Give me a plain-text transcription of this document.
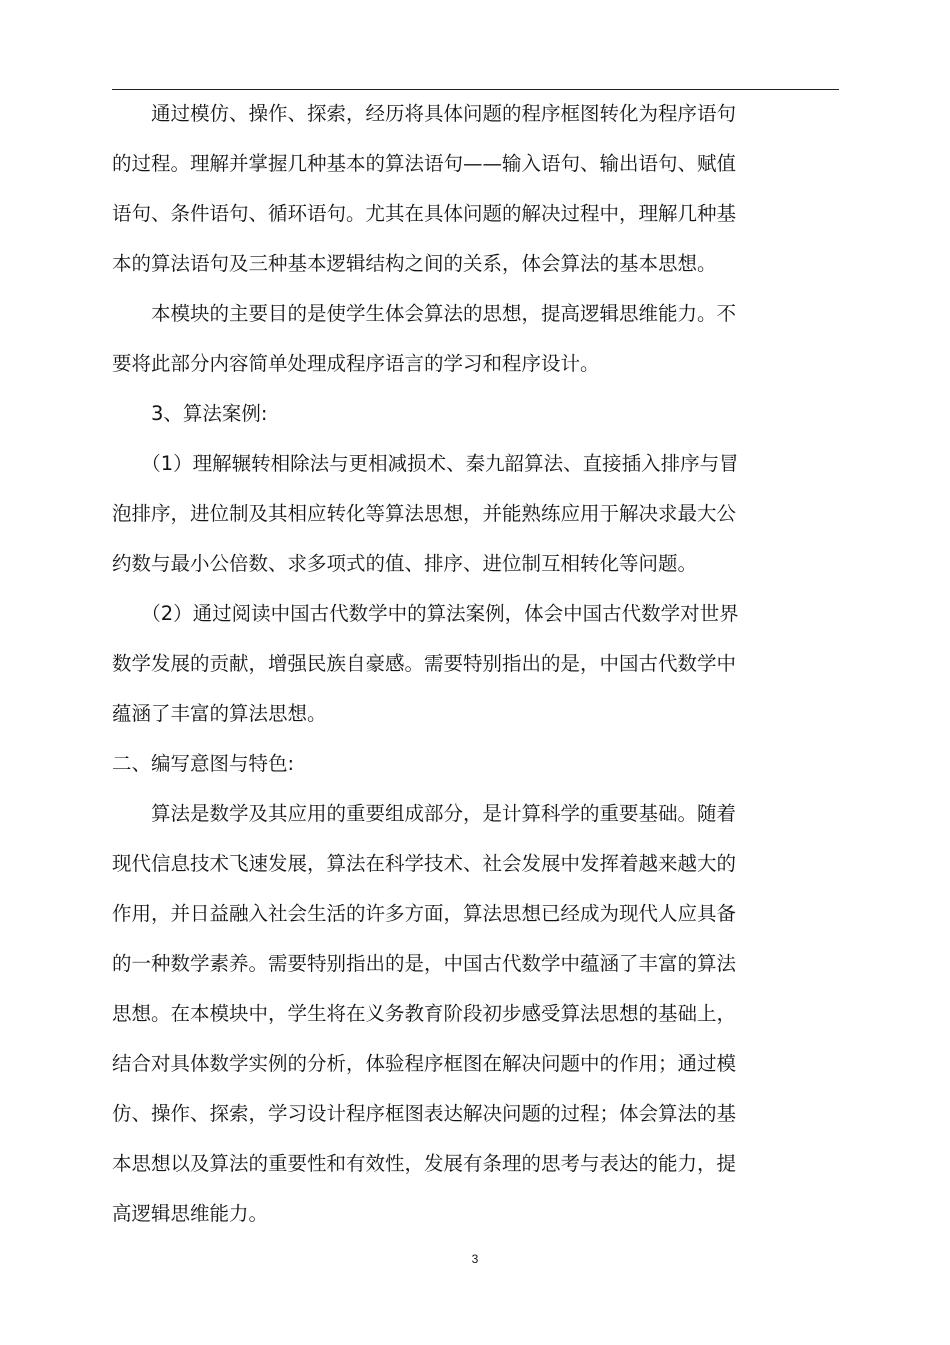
　　通过模仿、操作、探索，经历将具体问题的程序框图转化为程序语句
的过程。理解并掌握几种基本的算法语句——输入语句、输出语句、赋值
语句、条件语句、循环语句。尤其在具体问题的解决过程中，理解几种基
本的算法语句及三种基本逻辑结构之间的关系，体会算法的基本思想。
　　本模块的主要目的是使学生体会算法的思想，提高逻辑思维能力。不
要将此部分内容简单处理成程序语言的学习和程序设计。
　　3、算法案例:
　　（1）理解辗转相除法与更相减损术、秦九韶算法、直接插入排序与冒
泡排序，进位制及其相应转化等算法思想，并能熟练应用于解决求最大公
约数与最小公倍数、求多项式的值、排序、进位制互相转化等问题。
　　（2）通过阅读中国古代数学中的算法案例，体会中国古代数学对世界
数学发展的贡献，增强民族自豪感。需要特别指出的是，中国古代数学中
蕴涵了丰富的算法思想。
二、编写意图与特色:
　　算法是数学及其应用的重要组成部分，是计算科学的重要基础。随着
现代信息技术飞速发展，算法在科学技术、社会发展中发挥着越来越大的
作用，并日益融入社会生活的许多方面，算法思想已经成为现代人应具备
的一种数学素养。需要特别指出的是，中国古代数学中蕴涵了丰富的算法
思想。在本模块中，学生将在义务教育阶段初步感受算法思想的基础上，
结合对具体数学实例的分析，体验程序框图在解决问题中的作用；通过模
仿、操作、探索，学习设计程序框图表达解决问题的过程；体会算法的基
本思想以及算法的重要性和有效性，发展有条理的思考与表达的能力，提
高逻辑思维能力。
3
